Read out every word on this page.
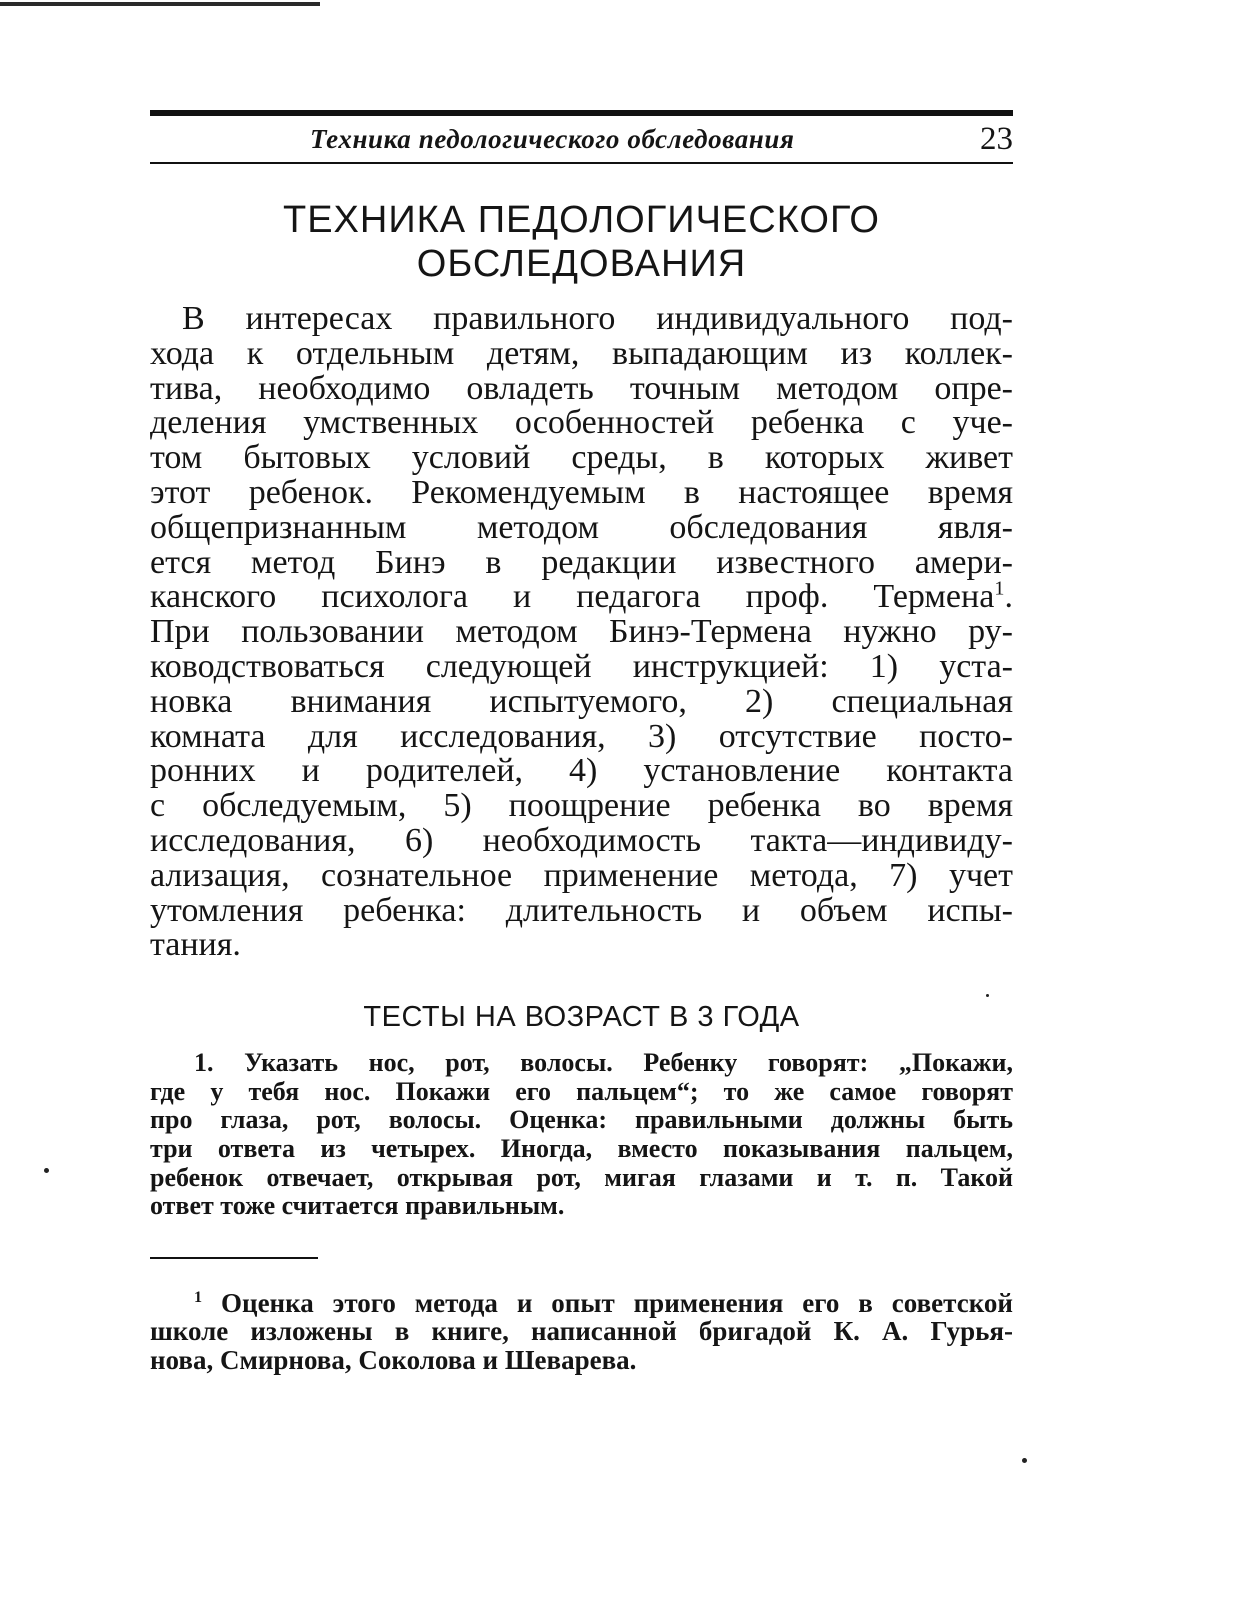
Техника педологического обследования	23
ТЕХНИКА ПЕДОЛОГИЧЕСКОГО
ОБСЛЕДОВАНИЯ
В интересах правильного индивидуального под-
хода к отдельным детям, выпадающим из коллек-
тива, необходимо овладеть точным методом опре-
деления умственных особенностей ребенка с уче-
том бытовых условий среды, в которых живет
этот ребенок. Рекомендуемым в настоящее время
общепризнанным методом обследования явля-
ется метод Бинэ в редакции известного амери-
канского психолога и педагога проф. Термена$^1$.
При пользовании методом Бинэ-Термена нужно ру-
ководствоваться следующей инструкцией: 1) уста-
новка внимания испытуемого, 2) специальная
комната для исследования, 3) отсутствие посто-
ронних и родителей, 4) установление контакта
с обследуемым, 5) поощрение ребенка во время
исследования, 6) необходимость такта—индивиду-
ализация, сознательное применение метода, 7) учет
утомления ребенка: длительность и объем испы-
тания.
ТЕСТЫ НА ВОЗРАСТ В 3 ГОДА
1. Указать нос, рот, волосы. Ребенку говорят: „Покажи,
где у тебя нос. Покажи его пальцем“; то же самое говорят
про глаза, рот, волосы. Оценка: правильными должны быть
три ответа из четырех. Иногда, вместо показывания пальцем,
ребенок отвечает, открывая рот, мигая глазами и т. п. Такой
ответ тоже считается правильным.
$^1$ Оценка этого метода и опыт применения его в советской
школе изложены в книге, написанной бригадой К. А. Гурья-
нова, Смирнова, Соколова и Шеварева.
